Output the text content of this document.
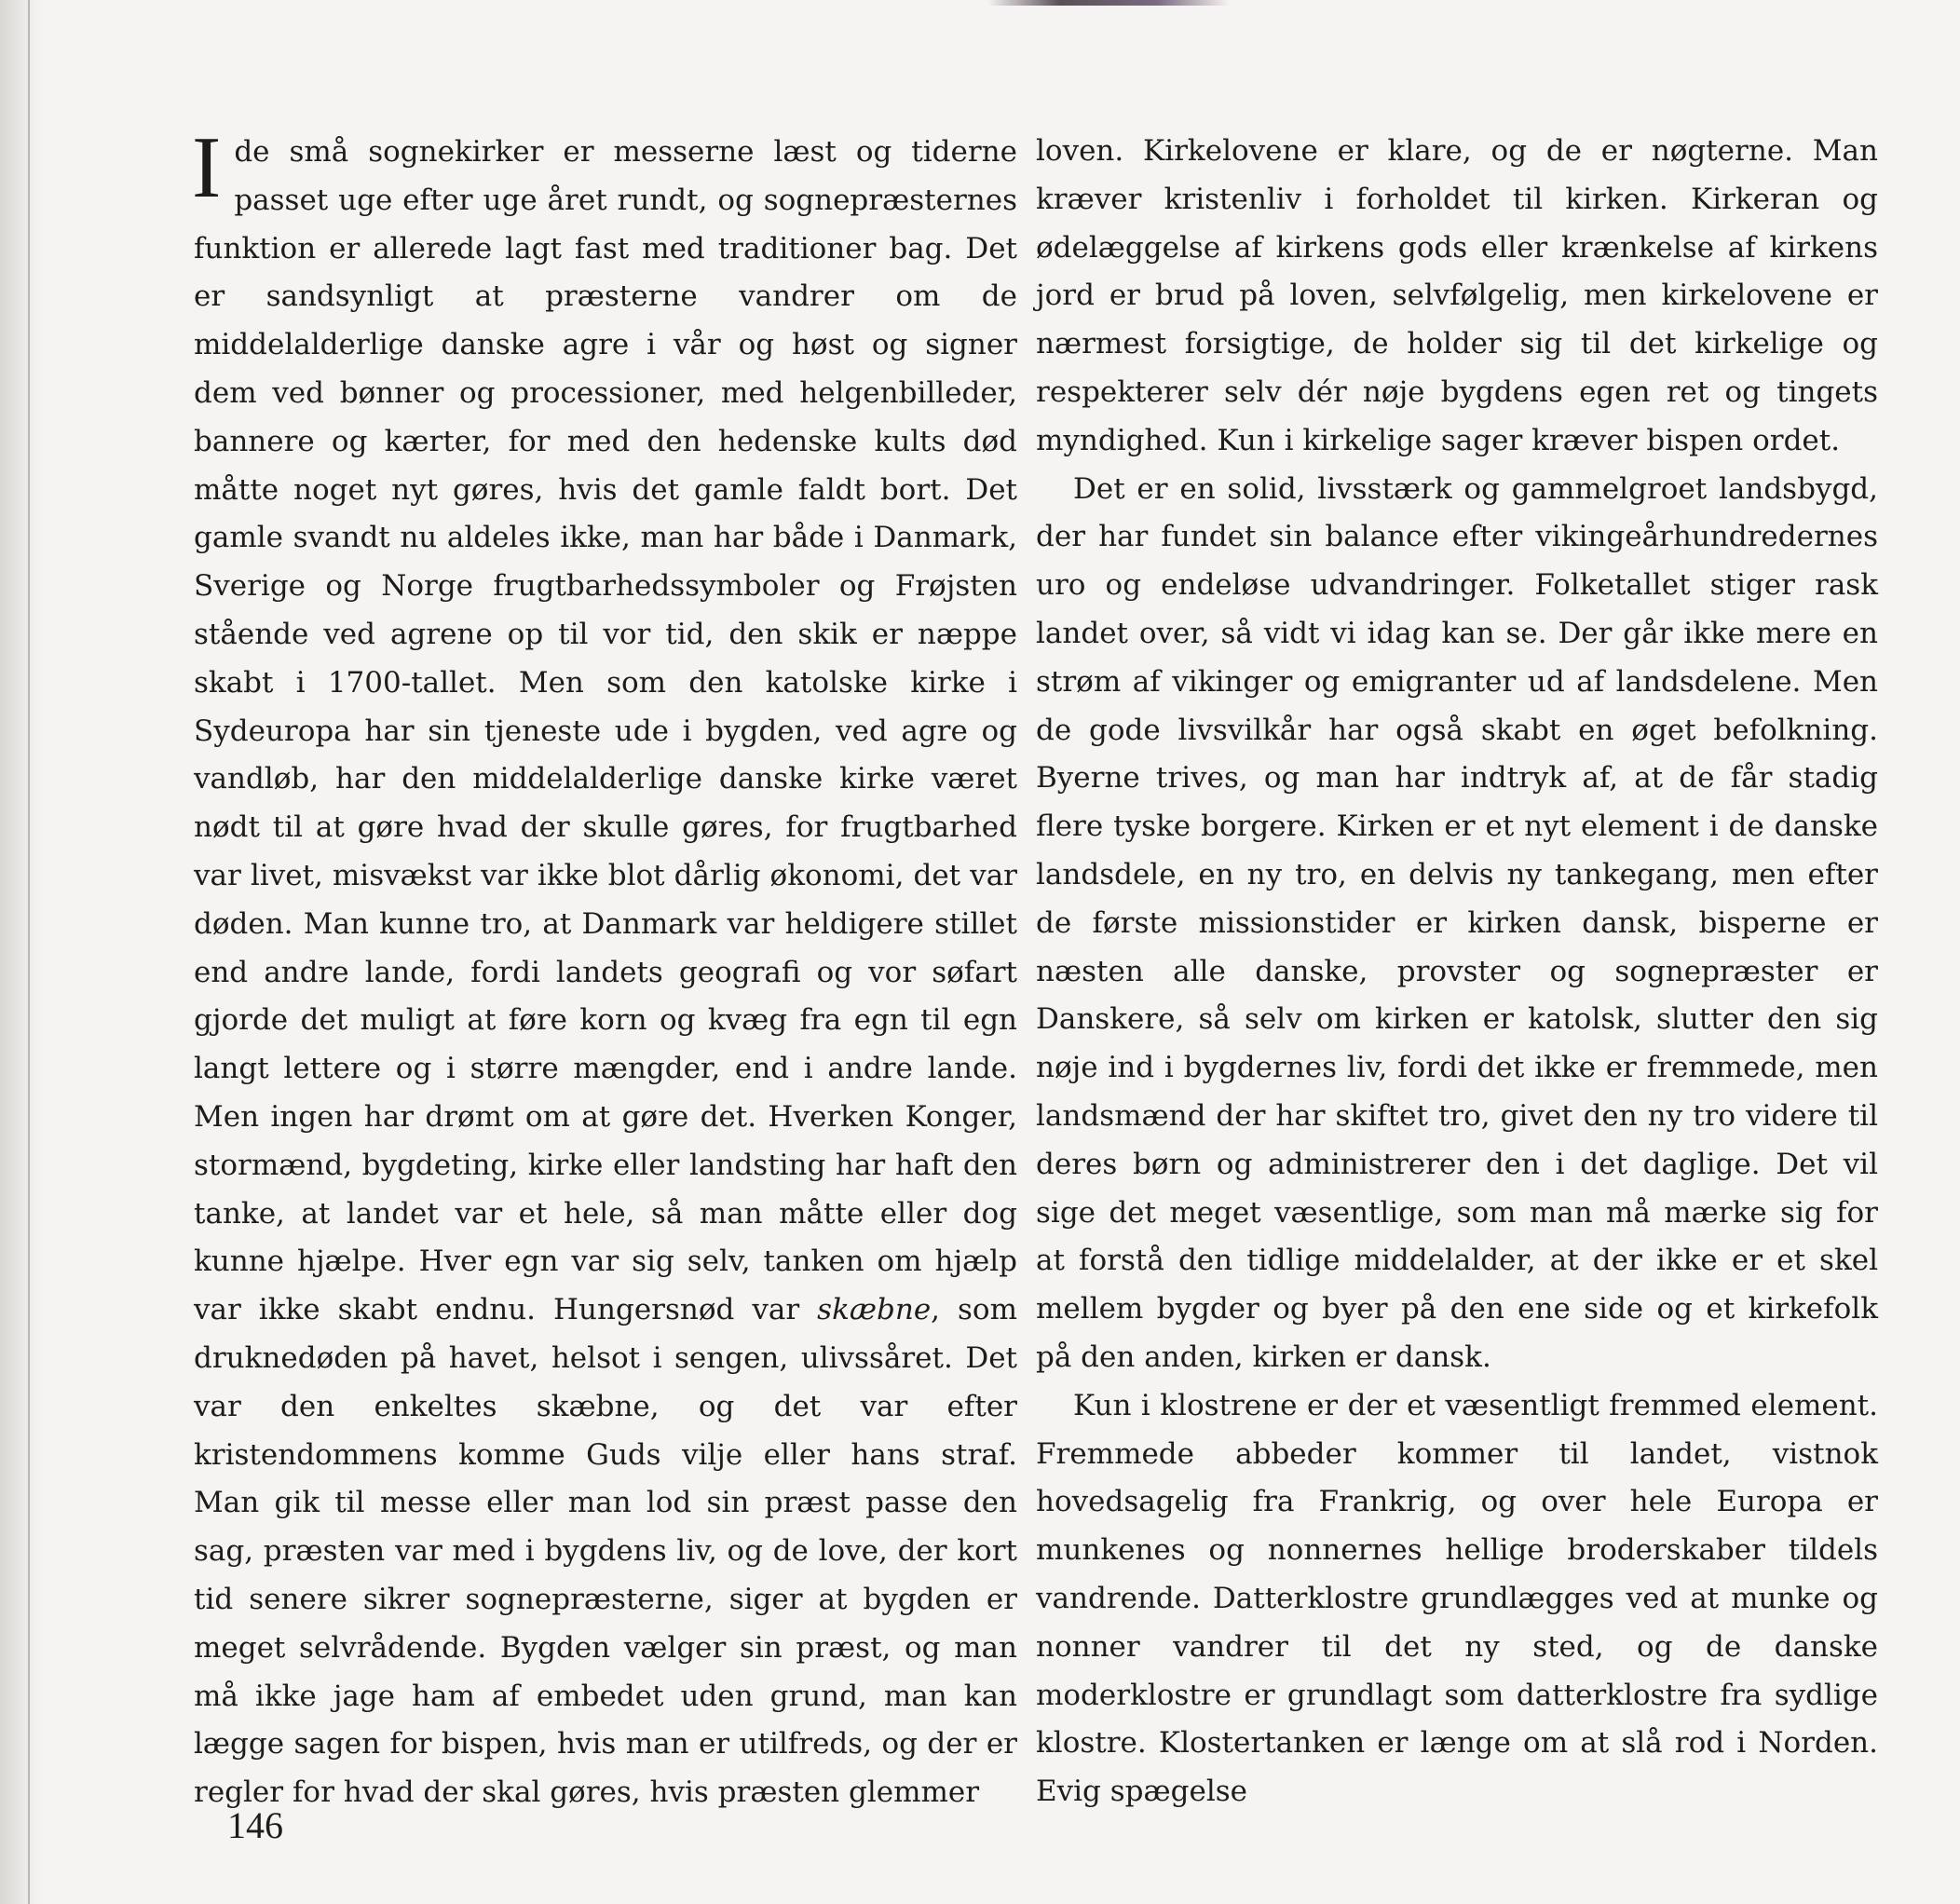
I de små sognekirker er messerne læst og tiderne passet uge efter uge året rundt, og sognepræsternes funktion er allerede lagt fast med traditioner bag. Det er sandsynligt at præsterne vandrer om de middelalderlige danske agre i vår og høst og signer dem ved bønner og processioner, med helgenbilleder, bannere og kærter, for med den hedenske kults død måtte noget nyt gøres, hvis det gamle faldt bort. Det gamle svandt nu aldeles ikke, man har både i Danmark, Sverige og Norge frugtbarhedssymboler og Frøjsten stående ved agrene op til vor tid, den skik er næppe skabt i 1700-tallet. Men som den katolske kirke i Sydeuropa har sin tjeneste ude i bygden, ved agre og vandløb, har den middelalderlige danske kirke været nødt til at gøre hvad der skulle gøres, for frugtbarhed var livet, misvækst var ikke blot dårlig økonomi, det var døden. Man kunne tro, at Danmark var heldigere stillet end andre lande, fordi landets geografi og vor søfart gjorde det muligt at føre korn og kvæg fra egn til egn langt lettere og i større mængder, end i andre lande. Men ingen har drømt om at gøre det. Hverken Konger, stormænd, bygdeting, kirke eller landsting har haft den tanke, at landet var et hele, så man måtte eller dog kunne hjælpe. Hver egn var sig selv, tanken om hjælp var ikke skabt endnu. Hungersnød var skæbne, som druknedøden på havet, helsot i sengen, ulivssåret. Det var den enkeltes skæbne, og det var efter kristendommens komme Guds vilje eller hans straf. Man gik til messe eller man lod sin præst passe den sag, præsten var med i bygdens liv, og de love, der kort tid senere sikrer sognepræsterne, siger at bygden er meget selvrådende. Bygden vælger sin præst, og man må ikke jage ham af embedet uden grund, man kan lægge sagen for bispen, hvis man er utilfreds, og der er regler for hvad der skal gøres, hvis præsten glemmer

loven. Kirkelovene er klare, og de er nøgterne. Man kræver kristenliv i forholdet til kirken. Kirkeran og ødelæggelse af kirkens gods eller krænkelse af kirkens jord er brud på loven, selvfølgelig, men kirkelovene er nærmest forsigtige, de holder sig til det kirkelige og respekterer selv dér nøje bygdens egen ret og tingets myndighed. Kun i kirkelige sager kræver bispen ordet.

Det er en solid, livsstærk og gammelgroet landsbygd, der har fundet sin balance efter vikingeårhundredernes uro og endeløse udvandringer. Folketallet stiger rask landet over, så vidt vi idag kan se. Der går ikke mere en strøm af vikinger og emigranter ud af landsdelene. Men de gode livsvilkår har også skabt en øget befolkning. Byerne trives, og man har indtryk af, at de får stadig flere tyske borgere. Kirken er et nyt element i de danske landsdele, en ny tro, en delvis ny tankegang, men efter de første missionstider er kirken dansk, bisperne er næsten alle danske, provster og sognepræster er Danskere, så selv om kirken er katolsk, slutter den sig nøje ind i bygdernes liv, fordi det ikke er fremmede, men landsmænd der har skiftet tro, givet den ny tro videre til deres børn og administrerer den i det daglige. Det vil sige det meget væsentlige, som man må mærke sig for at forstå den tidlige middelalder, at der ikke er et skel mellem bygder og byer på den ene side og et kirkefolk på den anden, kirken er dansk.

Kun i klostrene er der et væsentligt fremmed element. Fremmede abbeder kommer til landet, vistnok hovedsagelig fra Frankrig, og over hele Europa er munkenes og nonnernes hellige broderskaber tildels vandrende. Datterklostre grundlægges ved at munke og nonner vandrer til det ny sted, og de danske moderklostre er grundlagt som datterklostre fra sydlige klostre. Klostertanken er længe om at slå rod i Norden. Evig spægelse

146
